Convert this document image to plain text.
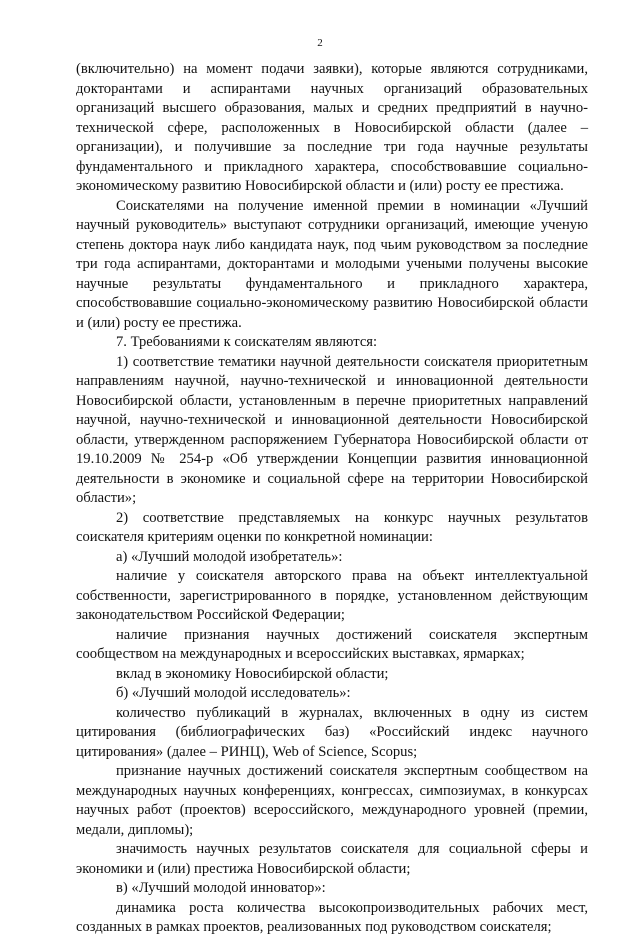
2

(включительно) на момент подачи заявки), которые являются сотрудниками, докторантами и аспирантами научных организаций образовательных организаций высшего образования, малых и средних предприятий в научно-технической сфере, расположенных в Новосибирской области (далее – организации), и получившие за последние три года научные результаты фундаментального и прикладного характера, способствовавшие социально-экономическому развитию Новосибирской области и (или) росту ее престижа.

Соискателями на получение именной премии в номинации «Лучший научный руководитель» выступают сотрудники организаций, имеющие ученую степень доктора наук либо кандидата наук, под чьим руководством за последние три года аспирантами, докторантами и молодыми учеными получены высокие научные результаты фундаментального и прикладного характера, способствовавшие социально-экономическому развитию Новосибирской области и (или) росту ее престижа.

7. Требованиями к соискателям являются:

1) соответствие тематики научной деятельности соискателя приоритетным направлениям научной, научно-технической и инновационной деятельности Новосибирской области, установленным в перечне приоритетных направлений научной, научно-технической и инновационной деятельности Новосибирской области, утвержденном распоряжением Губернатора Новосибирской области от 19.10.2009 № 254-р «Об утверждении Концепции развития инновационной деятельности в экономике и социальной сфере на территории Новосибирской области»;

2) соответствие представляемых на конкурс научных результатов соискателя критериям оценки по конкретной номинации:

а) «Лучший молодой изобретатель»:

наличие у соискателя авторского права на объект интеллектуальной собственности, зарегистрированного в порядке, установленном действующим законодательством Российской Федерации;

наличие признания научных достижений соискателя экспертным сообществом на международных и всероссийских выставках, ярмарках;

вклад в экономику Новосибирской области;

б) «Лучший молодой исследователь»:

количество публикаций в журналах, включенных в одну из систем цитирования (библиографических баз) «Российский индекс научного цитирования» (далее – РИНЦ), Web of Science, Scopus;

признание научных достижений соискателя экспертным сообществом на международных научных конференциях, конгрессах, симпозиумах, в конкурсах научных работ (проектов) всероссийского, международного уровней (премии, медали, дипломы);

значимость научных результатов соискателя для социальной сферы и экономики и (или) престижа Новосибирской области;

в) «Лучший молодой инноватор»:

динамика роста количества высокопроизводительных рабочих мест, созданных в рамках проектов, реализованных под руководством соискателя;
